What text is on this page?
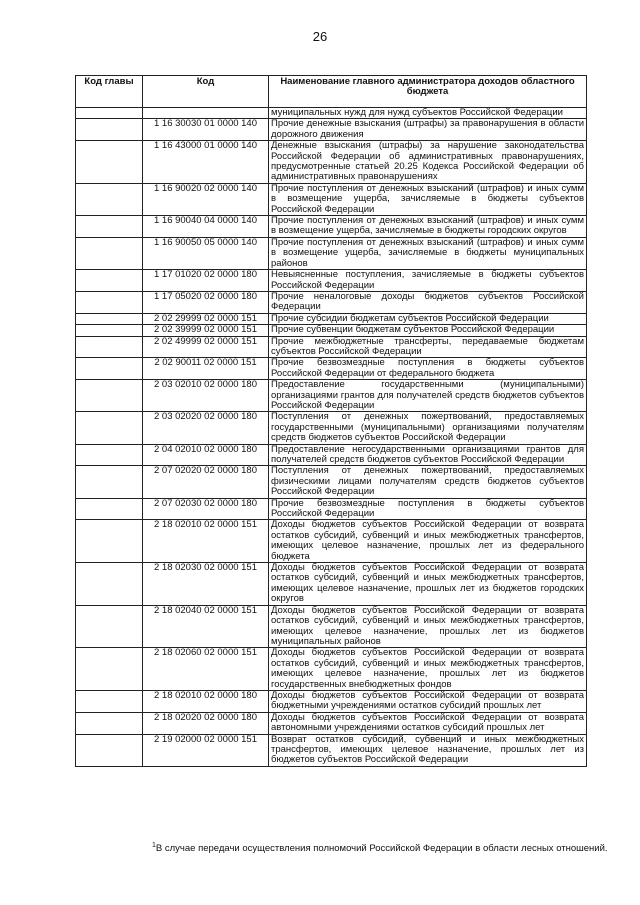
26
Код главы	Код	Наименование главного администратора доходов областного бюджета
		муниципальных нужд для нужд субъектов Российской Федерации
	1 16 30030 01 0000 140	Прочие денежные взыскания (штрафы) за правонарушения в области дорожного движения
	1 16 43000 01 0000 140	Денежные взыскания (штрафы) за нарушение законодательства Российской Федерации об административных правонарушениях, предусмотренные статьей 20.25 Кодекса Российской Федерации об административных правонарушениях
	1 16 90020 02 0000 140	Прочие поступления от денежных взысканий (штрафов) и иных сумм в возмещение ущерба, зачисляемые в бюджеты субъектов Российской Федерации
	1 16 90040 04 0000 140	Прочие поступления от денежных взысканий (штрафов) и иных сумм в возмещение ущерба, зачисляемые в бюджеты городских округов
	1 16 90050 05 0000 140	Прочие поступления от денежных взысканий (штрафов) и иных сумм в возмещение ущерба, зачисляемые в бюджеты муниципальных районов
	1 17 01020 02 0000 180	Невыясненные поступления, зачисляемые в бюджеты субъектов Российской Федерации
	1 17 05020 02 0000 180	Прочие неналоговые доходы бюджетов субъектов Российской Федерации
	2 02 29999 02 0000 151	Прочие субсидии бюджетам субъектов Российской Федерации
	2 02 39999 02 0000 151	Прочие субвенции бюджетам субъектов Российской Федерации
	2 02 49999 02 0000 151	Прочие межбюджетные трансферты, передаваемые бюджетам субъектов Российской Федерации
	2 02 90011 02 0000 151	Прочие безвозмездные поступления в бюджеты субъектов Российской Федерации от федерального бюджета
	2 03 02010 02 0000 180	Предоставление государственными (муниципальными) организациями грантов для получателей средств бюджетов субъектов Российской Федерации
	2 03 02020 02 0000 180	Поступления от денежных пожертвований, предоставляемых государственными (муниципальными) организациями получателям средств бюджетов субъектов Российской Федерации
	2 04 02010 02 0000 180	Предоставление негосударственными организациями грантов для получателей средств бюджетов субъектов Российской Федерации
	2 07 02020 02 0000 180	Поступления от денежных пожертвований, предоставляемых физическими лицами получателям средств бюджетов субъектов Российской Федерации
	2 07 02030 02 0000 180	Прочие безвозмездные поступления в бюджеты субъектов Российской Федерации
	2 18 02010 02 0000 151	Доходы бюджетов субъектов Российской Федерации от возврата остатков субсидий, субвенций и иных межбюджетных трансфертов, имеющих целевое назначение, прошлых лет из федерального бюджета
	2 18 02030 02 0000 151	Доходы бюджетов субъектов Российской Федерации от возврата остатков субсидий, субвенций и иных межбюджетных трансфертов, имеющих целевое назначение, прошлых лет из бюджетов городских округов
	2 18 02040 02 0000 151	Доходы бюджетов субъектов Российской Федерации от возврата остатков субсидий, субвенций и иных межбюджетных трансфертов, имеющих целевое назначение, прошлых лет из бюджетов муниципальных районов
	2 18 02060 02 0000 151	Доходы бюджетов субъектов Российской Федерации от возврата остатков субсидий, субвенций и иных межбюджетных трансфертов, имеющих целевое назначение, прошлых лет из бюджетов государственных внебюджетных фондов
	2 18 02010 02 0000 180	Доходы бюджетов субъектов Российской Федерации от возврата бюджетными учреждениями остатков субсидий прошлых лет
	2 18 02020 02 0000 180	Доходы бюджетов субъектов Российской Федерации от возврата автономными учреждениями остатков субсидий прошлых лет
	2 19 02000 02 0000 151	Возврат остатков субсидий, субвенций и иных межбюджетных трансфертов, имеющих целевое назначение, прошлых лет из бюджетов субъектов Российской Федерации
$^1$В случае передачи осуществления полномочий Российской Федерации в области лесных отношений.
